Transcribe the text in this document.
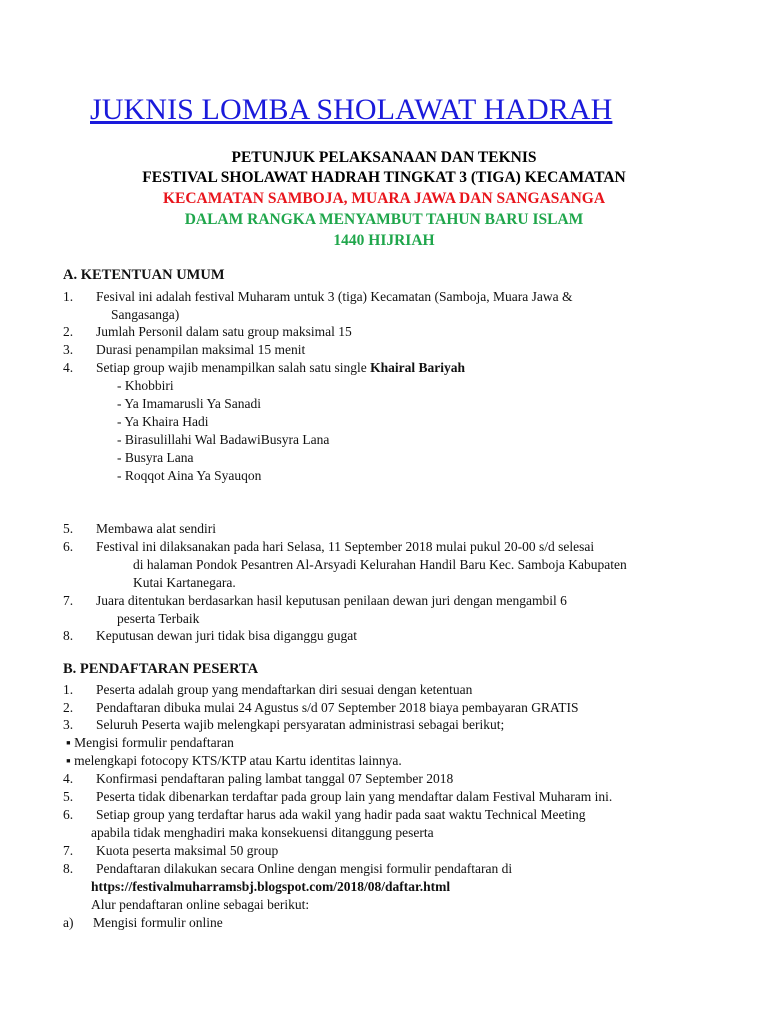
JUKNIS LOMBA SHOLAWAT HADRAH
PETUNJUK PELAKSANAAN DAN TEKNIS
FESTIVAL SHOLAWAT HADRAH TINGKAT 3 (TIGA) KECAMATAN
KECAMATAN SAMBOJA, MUARA JAWA DAN SANGASANGA
DALAM RANGKA MENYAMBUT TAHUN BARU ISLAM
1440 HIJRIAH
A. KETENTUAN UMUM
1. Fesival ini adalah festival Muharam untuk 3 (tiga) Kecamatan (Samboja, Muara Jawa &
Sangasanga)
2. Jumlah Personil dalam satu group maksimal 15
3. Durasi penampilan maksimal 15 menit
4. Setiap group wajib menampilkan salah satu single Khairal Bariyah
- Khobbiri
- Ya Imamarusli Ya Sanadi
- Ya Khaira Hadi
- Birasulillahi Wal BadawiBusyra Lana
- Busyra Lana
- Roqqot Aina Ya Syauqon
5. Membawa alat sendiri
6. Festival ini dilaksanakan pada hari Selasa, 11 September 2018 mulai pukul 20-00 s/d selesai
di halaman Pondok Pesantren Al-Arsyadi Kelurahan Handil Baru Kec. Samboja Kabupaten
Kutai Kartanegara.
7. Juara ditentukan berdasarkan hasil keputusan penilaan dewan juri dengan mengambil 6
peserta Terbaik
8. Keputusan dewan juri tidak bisa diganggu gugat
B. PENDAFTARAN PESERTA
1. Peserta adalah group yang mendaftarkan diri sesuai dengan ketentuan
2. Pendaftaran dibuka mulai 24 Agustus s/d 07 September 2018 biaya pembayaran GRATIS
3. Seluruh Peserta wajib melengkapi persyaratan administrasi sebagai berikut;
▪ Mengisi formulir pendaftaran
▪ melengkapi fotocopy KTS/KTP atau Kartu identitas lainnya.
4. Konfirmasi pendaftaran paling lambat tanggal 07 September 2018
5. Peserta tidak dibenarkan terdaftar pada group lain yang mendaftar dalam Festival Muharam ini.
6. Setiap group yang terdaftar harus ada wakil yang hadir pada saat waktu Technical Meeting
apabila tidak menghadiri maka konsekuensi ditanggung peserta
7. Kuota peserta maksimal 50 group
8. Pendaftaran dilakukan secara Online dengan mengisi formulir pendaftaran di
https://festivalmuharramsbj.blogspot.com/2018/08/daftar.html
Alur pendaftaran online sebagai berikut:
a) Mengisi formulir online
